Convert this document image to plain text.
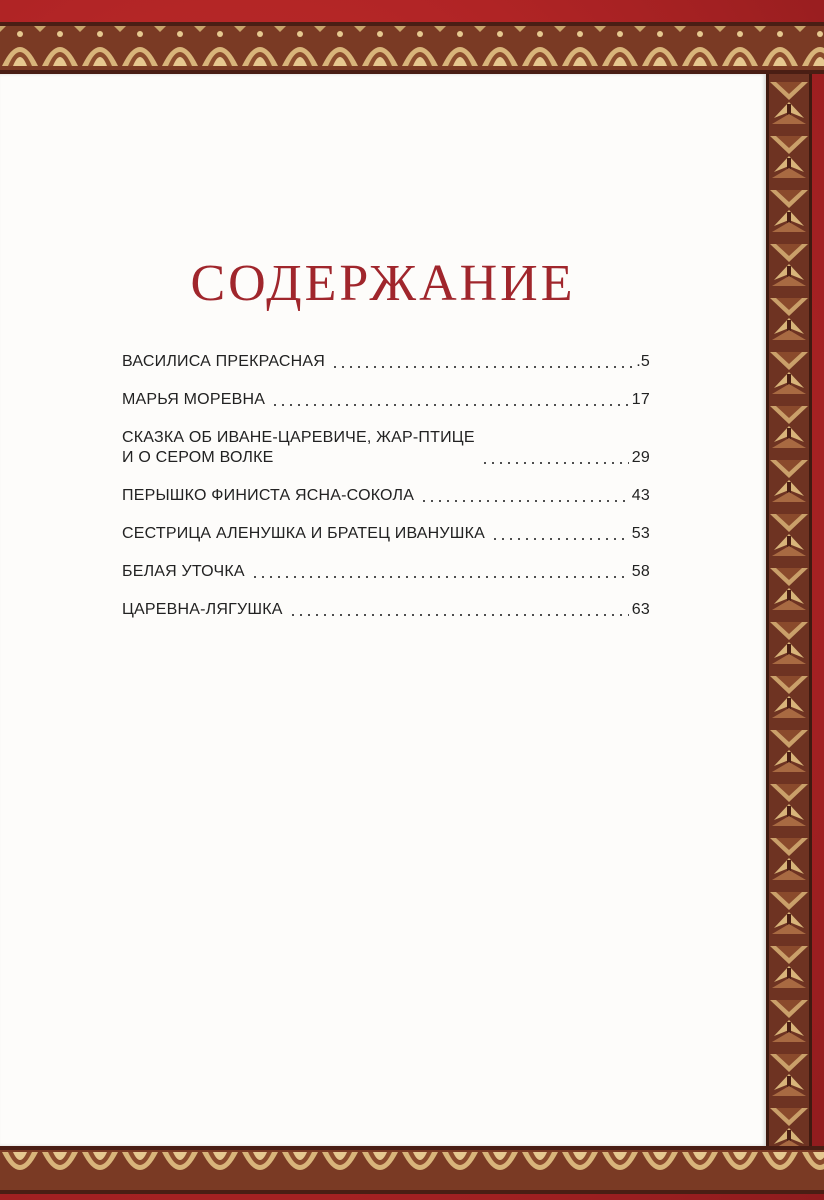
СОДЕРЖАНИЕ
ВАСИЛИСА ПРЕКРАСНАЯ	.5
МАРЬЯ МОРЕВНА	17
СКАЗКА ОБ ИВАНЕ-ЦАРЕВИЧЕ, ЖАР-ПТИЦЕ
И О СЕРОМ ВОЛКЕ	29
ПЕРЫШКО ФИНИСТА ЯСНА-СОКОЛА	43
СЕСТРИЦА АЛЕНУШКА И БРАТЕЦ ИВАНУШКА	53
БЕЛАЯ УТОЧКА	58
ЦАРЕВНА-ЛЯГУШКА	63
